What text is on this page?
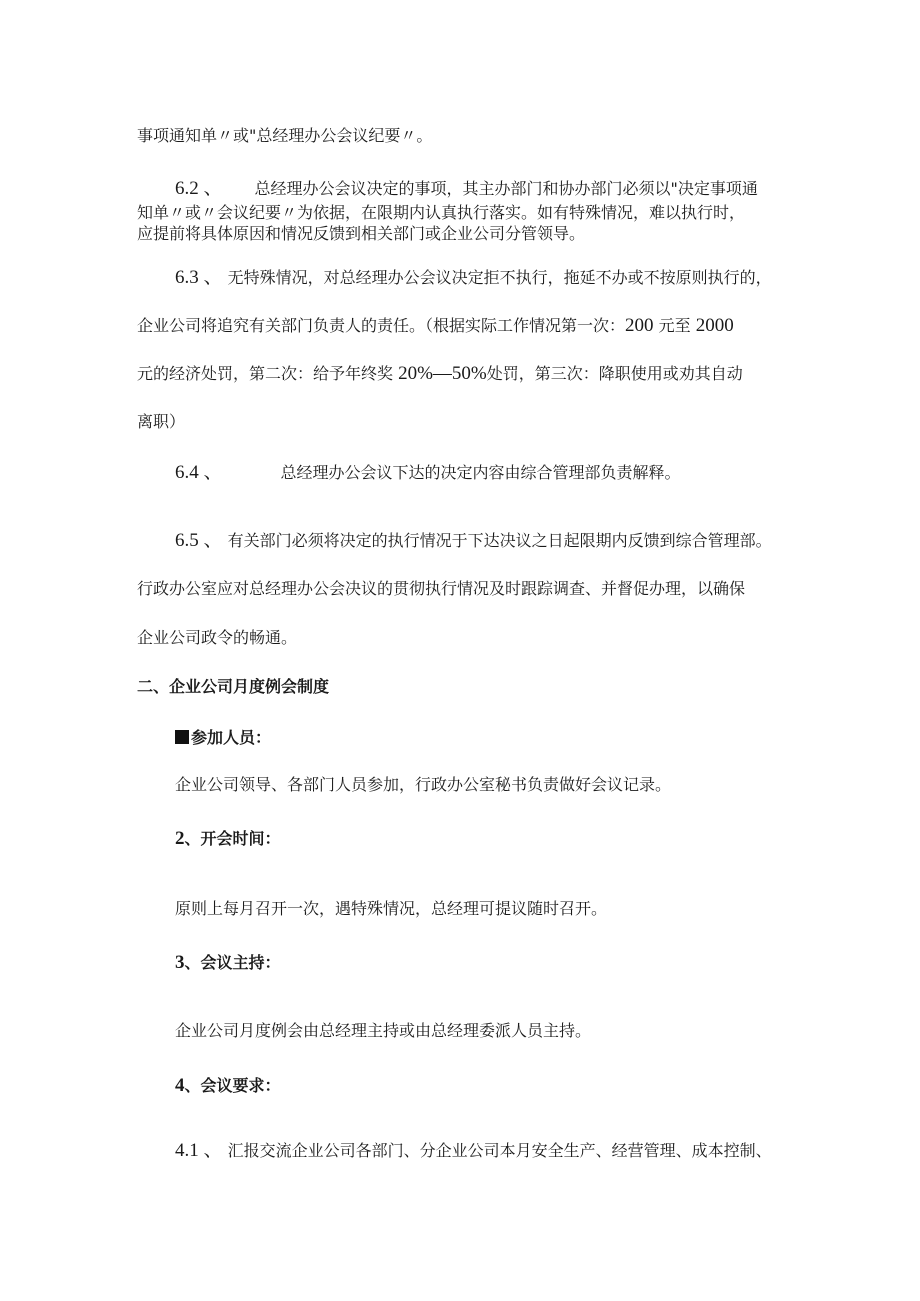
事项通知单〃或"总经理办公会议纪要〃。

6.2 、 总经理办公会议决定的事项，其主办部门和协办部门必须以"决定事项通

知单〃或〃会议纪要〃为依据，在限期内认真执行落实。如有特殊情况，难以执行时，

应提前将具体原因和情况反馈到相关部门或企业公司分管领导。

6.3 、 无特殊情况，对总经理办公会议决定拒不执行，拖延不办或不按原则执行的，

企业公司将追究有关部门负责人的责任。（根据实际工作情况第一次：200 元至 2000

元的经济处罚，第二次：给予年终奖 20%—50%处罚，第三次：降职使用或劝其自动

离职）

6.4 、	总经理办公会议下达的决定内容由综合管理部负责解释。

6.5 、 有关部门必须将决定的执行情况于下达决议之日起限期内反馈到综合管理部。

行政办公室应对总经理办公会决议的贯彻执行情况及时跟踪调查、并督促办理，以确保

企业公司政令的畅通。

二、企业公司月度例会制度

参加人员：

企业公司领导、各部门人员参加，行政办公室秘书负责做好会议记录。

2、开会时间：

原则上每月召开一次，遇特殊情况，总经理可提议随时召开。

3、会议主持：

企业公司月度例会由总经理主持或由总经理委派人员主持。

4、会议要求：

4.1 、 汇报交流企业公司各部门、分企业公司本月安全生产、经营管理、成本控制、
